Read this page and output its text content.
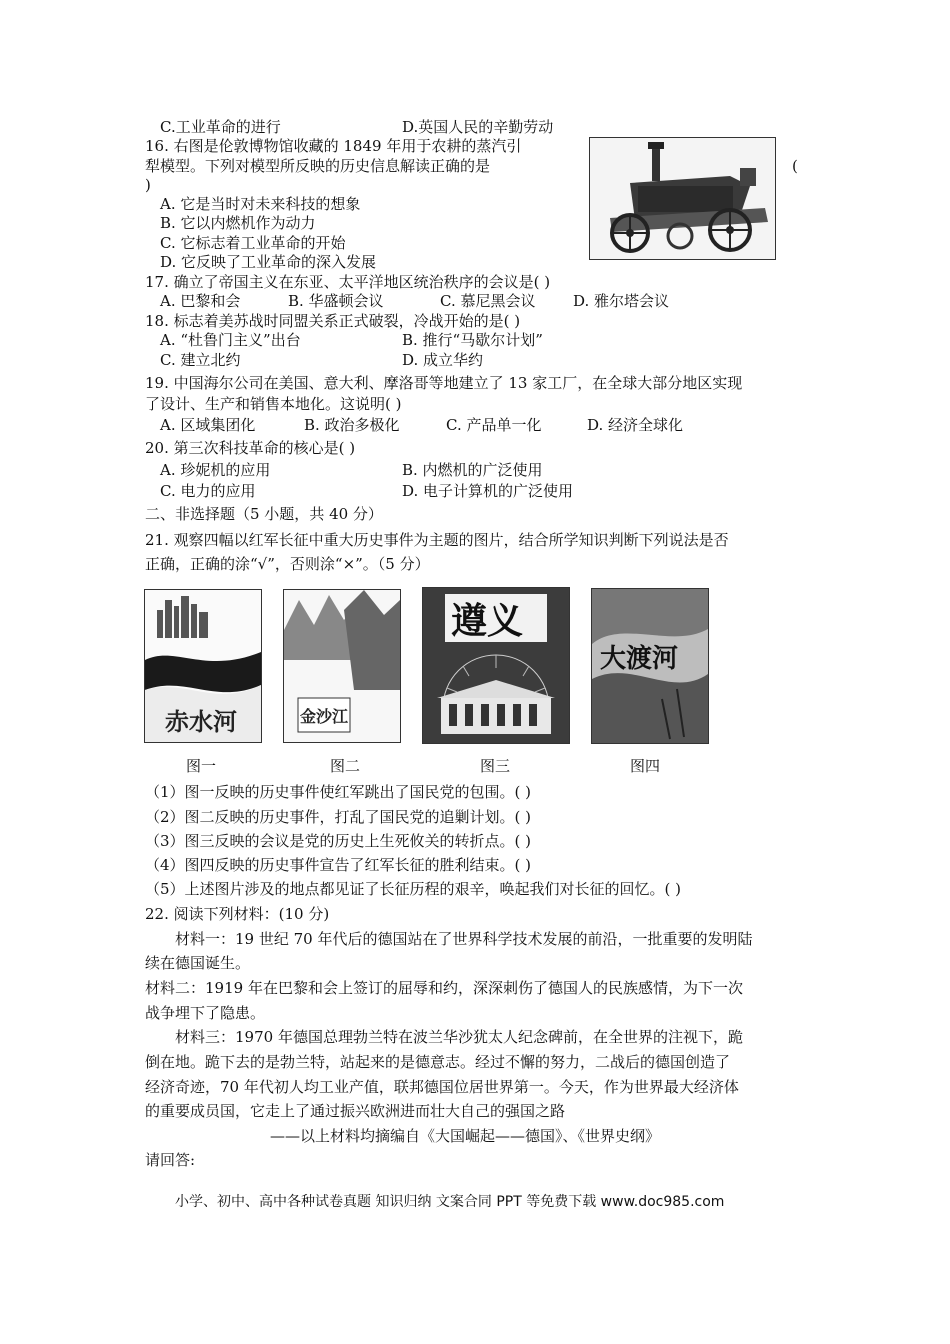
C.工业革命的进行	D.英国人民的辛勤劳动
16. 右图是伦敦博物馆收藏的 1849 年用于农耕的蒸汽引
(
犁模型。下列对模型所反映的历史信息解读正确的是
)
A. 它是当时对未来科技的想象
B. 它以内燃机作为动力
C. 它标志着工业革命的开始
D. 它反映了工业革命的深入发展
17. 确立了帝国主义在东亚、太平洋地区统治秩序的会议是( )
A. 巴黎和会	B. 华盛顿会议	C. 慕尼黑会议	D. 雅尔塔会议
18. 标志着美苏战时同盟关系正式破裂，冷战开始的是( )
A. “杜鲁门主义”出台	B. 推行“马歇尔计划”
C. 建立北约	D. 成立华约
19. 中国海尔公司在美国、意大利、摩洛哥等地建立了 13 家工厂，在全球大部分地区实现
了设计、生产和销售本地化。这说明( )
A. 区域集团化	B. 政治多极化	C. 产品单一化	D. 经济全球化
20. 第三次科技革命的核心是( )
A. 珍妮机的应用	B. 内燃机的广泛使用
C. 电力的应用	D. 电子计算机的广泛使用
二、非选择题（5 小题，共 40 分）
21. 观察四幅以红军长征中重大历史事件为主题的图片，结合所学知识判断下列说法是否
正确，正确的涂“√”，否则涂“×”。（5 分）
赤水河	金沙江
遵义
大渡河
图一	图二	图三	图四
（1）图一反映的历史事件使红军跳出了国民党的包围。( )
（2）图二反映的历史事件，打乱了国民党的追剿计划。( )
（3）图三反映的会议是党的历史上生死攸关的转折点。( )
（4）图四反映的历史事件宣告了红军长征的胜利结束。( )
（5）上述图片涉及的地点都见证了长征历程的艰辛，唤起我们对长征的回忆。( )
22. 阅读下列材料：(10 分)
材料一：19 世纪 70 年代后的德国站在了世界科学技术发展的前沿，一批重要的发明陆
续在德国诞生。
材料二：1919 年在巴黎和会上签订的屈辱和约，深深刺伤了德国人的民族感情，为下一次
战争埋下了隐患。
材料三：1970 年德国总理勃兰特在波兰华沙犹太人纪念碑前，在全世界的注视下，跪
倒在地。跪下去的是勃兰特，站起来的是德意志。经过不懈的努力，二战后的德国创造了
经济奇迹，70 年代初人均工业产值，联邦德国位居世界第一。今天，作为世界最大经济体
的重要成员国，它走上了通过振兴欧洲进而壮大自己的强国之路
——以上材料均摘编自《大国崛起——德国》、《世界史纲》
请回答:
小学、初中、高中各种试卷真题 知识归纳 文案合同 PPT 等免费下载 www.doc985.com
